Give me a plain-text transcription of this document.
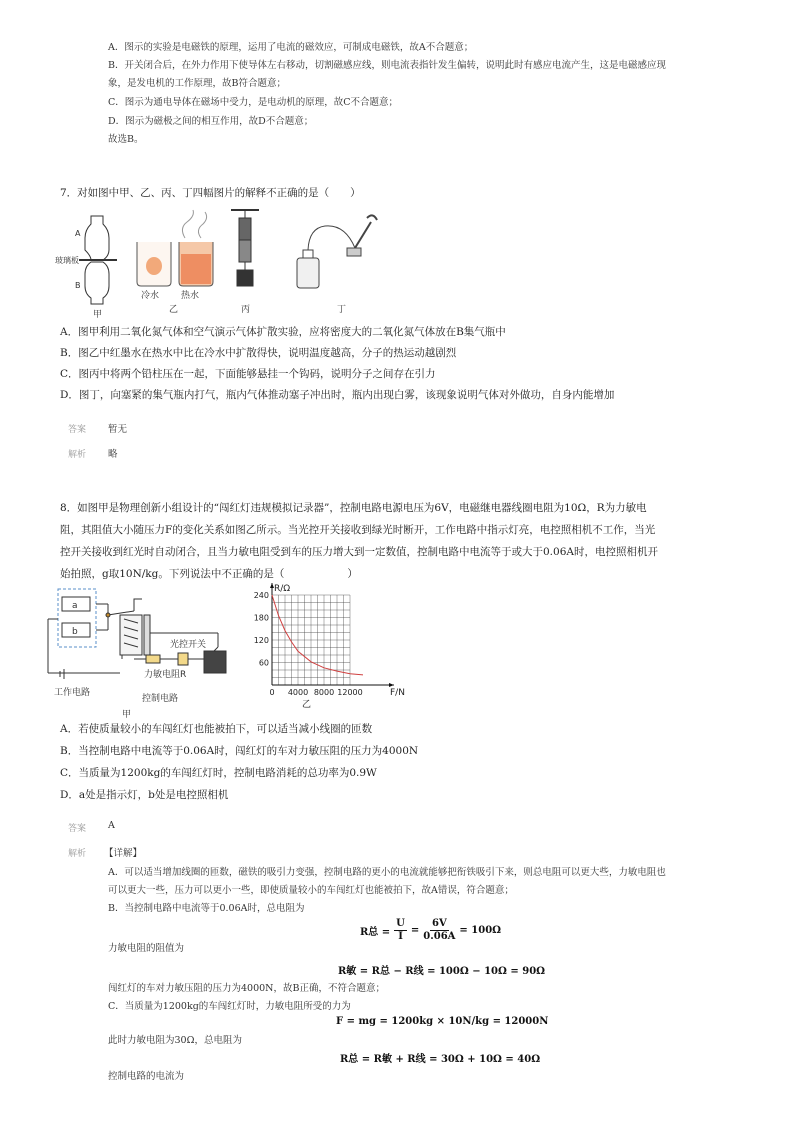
A．图示的实验是电磁铁的原理，运用了电流的磁效应，可制成电磁铁，故A不合题意；
B．开关闭合后，在外力作用下使导体左右移动，切割磁感应线，则电流表指针发生偏转，说明此时有感应电流产生，这是电磁感应现
象，是发电机的工作原理，故B符合题意；
C．图示为通电导体在磁场中受力，是电动机的原理，故C不合题意；
D．图示为磁极之间的相互作用，故D不合题意；
故选B。
7．对如图中甲、乙、丙、丁四幅图片的解释不正确的是（　　）
A
玻璃板
B
甲
冷水 热水
乙	丙	丁
A．图甲利用二氧化氮气体和空气演示气体扩散实验，应将密度大的二氧化氮气体放在B集气瓶中
B．图乙中红墨水在热水中比在冷水中扩散得快，说明温度越高，分子的热运动越剧烈
C．图丙中将两个铅柱压在一起，下面能够悬挂一个钩码，说明分子之间存在引力
D．图丁，向塞紧的集气瓶内打气，瓶内气体推动塞子冲出时，瓶内出现白雾，该现象说明气体对外做功，自身内能增加
答案 暂无
解析 略
8．如图甲是物理创新小组设计的“闯红灯违规模拟记录器”，控制电路电源电压为6V，电磁继电器线圈电阻为10Ω，R为力敏电
阻，其阻值大小随压力F的变化关系如图乙所示。当光控开关接收到绿光时断开，工作电路中指示灯亮，电控照相机不工作，当光
控开关接收到红光时自动闭合，且当力敏电阻受到车的压力增大到一定数值，控制电路中电流等于或大于0.06A时，电控照相机开
始拍照，g取10N/kg。下列说法中不正确的是（　　　　　　）
a
b
光控开关
力敏电阻R
工作电路
控制电路
甲
0 4000 8000 12000
60
120
180
240
R/Ω
F/N
乙
A．若使质量较小的车闯红灯也能被拍下，可以适当减小线圈的匝数
B．当控制电路中电流等于0.06A时，闯红灯的车对力敏压阻的压力为4000N
C．当质量为1200kg的车闯红灯时，控制电路消耗的总功率为0.9W
D．a处是指示灯，b处是电控照相机
答案 A
解析 【详解】
A．可以适当增加线圈的匝数，磁铁的吸引力变强，控制电路的更小的电流就能够把衔铁吸引下来，则总电阻可以更大些，力敏电阻也
可以更大一些，压力可以更小一些，即使质量较小的车闯红灯也能被拍下，故A错误，符合题意；
B．当控制电路中电流等于0.06A时，总电阻为
R总 = $\frac{U}{I} = \frac{6V}{0.06A} = 100\Omega$
力敏电阻的阻值为
R敏 = R总 − R线 = 100Ω − 10Ω = 90Ω
闯红灯的车对力敏压阻的压力为4000N，故B正确，不符合题意；
C．当质量为1200kg的车闯红灯时，力敏电阻所受的力为
F = mg = 1200kg × 10N/kg = 12000N
此时力敏电阻为30Ω，总电阻为
R总 = R敏 + R线 = 30Ω + 10Ω = 40Ω
控制电路的电流为
